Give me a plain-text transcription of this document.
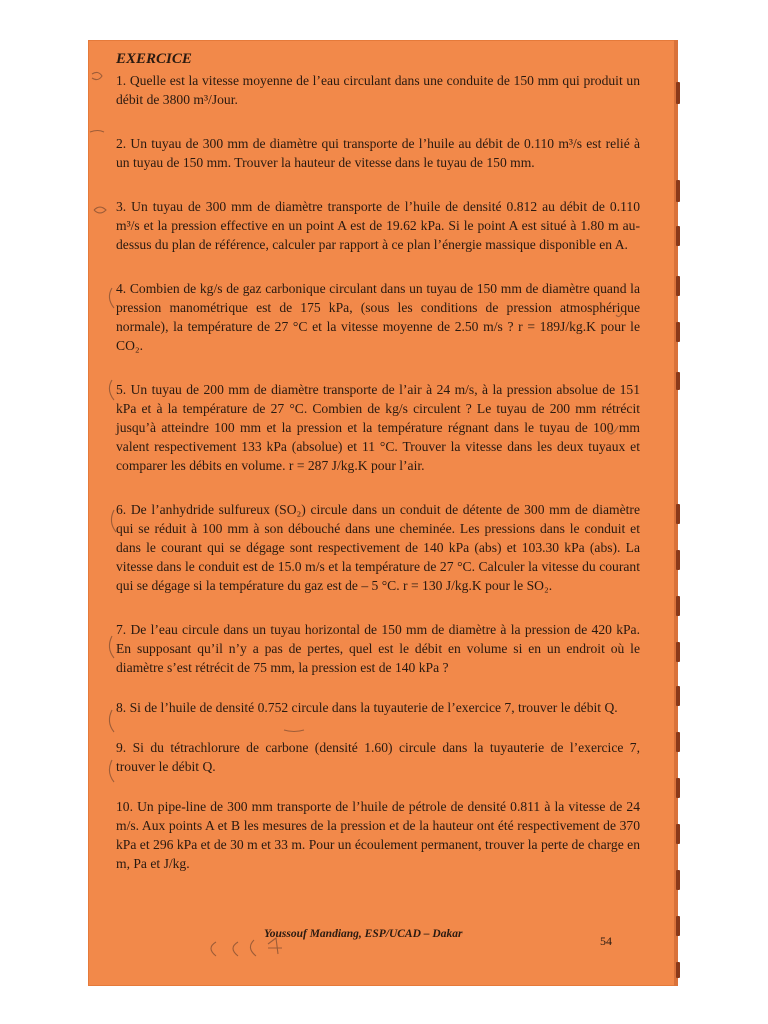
EXERCICE

1. Quelle est la vitesse moyenne de l’eau circulant dans une conduite de 150 mm qui produit un débit de 3800 m³/Jour.

2. Un tuyau de 300 mm de diamètre qui transporte de l’huile au débit de 0.110 m³/s est relié à un tuyau de 150 mm. Trouver la hauteur de vitesse dans le tuyau de 150 mm.

3. Un tuyau de 300 mm de diamètre transporte de l’huile de densité 0.812 au débit de 0.110 m³/s et la pression effective en un point A est de 19.62 kPa. Si le point A est situé à 1.80 m au-dessus du plan de référence, calculer par rapport à ce plan l’énergie massique disponible en A.

4. Combien de kg/s de gaz carbonique circulant dans un tuyau de 150 mm de diamètre quand la pression manométrique est de 175 kPa, (sous les conditions de pression atmosphérique normale), la température de 27 °C et la vitesse moyenne de 2.50 m/s ? r = 189J/kg.K pour le CO₂.

5. Un tuyau de 200 mm de diamètre transporte de l’air à 24 m/s, à la pression absolue de 151 kPa et à la température de 27 °C. Combien de kg/s circulent ? Le tuyau de 200 mm rétrécit jusqu’à atteindre 100 mm et la pression et la température régnant dans le tuyau de 100 mm valent respectivement 133 kPa (absolue) et 11 °C. Trouver la vitesse dans les deux tuyaux et comparer les débits en volume. r = 287 J/kg.K pour l’air.

6. De l’anhydride sulfureux (SO₂) circule dans un conduit de détente de 300 mm de diamètre qui se réduit à 100 mm à son débouché dans une cheminée. Les pressions dans le conduit et dans le courant qui se dégage sont respectivement de 140 kPa (abs) et 103.30 kPa (abs). La vitesse dans le conduit est de 15.0 m/s et la température de 27 °C. Calculer la vitesse du courant qui se dégage si la température du gaz est de – 5 °C. r = 130 J/kg.K pour le SO₂.

7. De l’eau circule dans un tuyau horizontal de 150 mm de diamètre à la pression de 420 kPa. En supposant qu’il n’y a pas de pertes, quel est le débit en volume si en un endroit où le diamètre s’est rétrécit de 75 mm, la pression est de 140 kPa ?

8. Si de l’huile de densité 0.752 circule dans la tuyauterie de l’exercice 7, trouver le débit Q.

9. Si du tétrachlorure de carbone (densité 1.60) circule dans la tuyauterie de l’exercice 7, trouver le débit Q.

10. Un pipe-line de 300 mm transporte de l’huile de pétrole de densité 0.811 à la vitesse de 24 m/s. Aux points A et B les mesures de la pression et de la hauteur ont été respectivement de 370 kPa et 296 kPa et de 30 m et 33 m. Pour un écoulement permanent, trouver la perte de charge en m, Pa et J/kg.

Youssouf Mandiang, ESP/UCAD – Dakar	54
